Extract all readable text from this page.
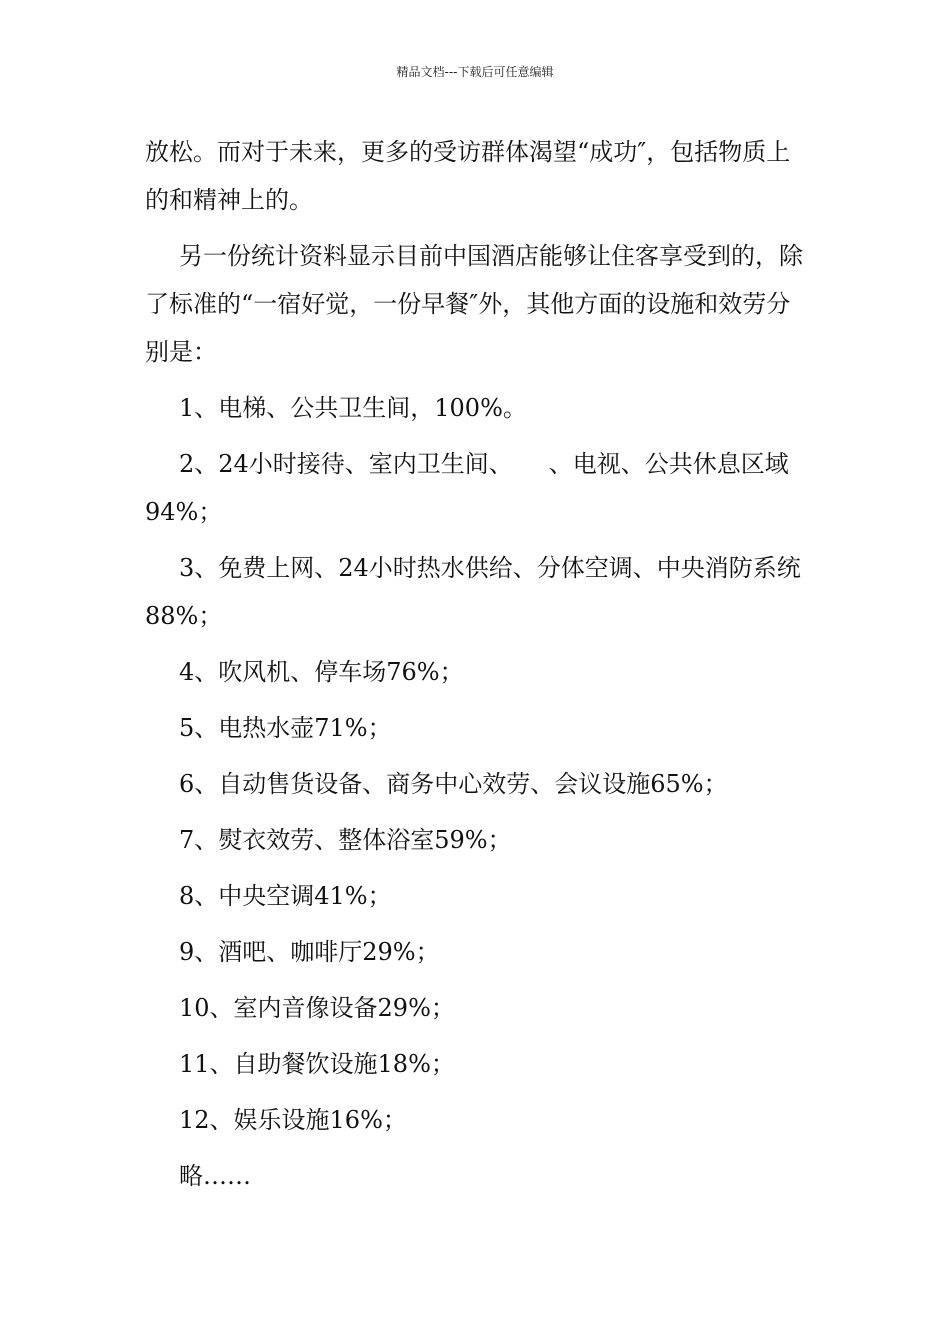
精品文档---下载后可任意编辑

放松。而对于未来，更多的受访群体渴望“成功″，包括物质上的和精神上的。

另一份统计资料显示目前中国酒店能够让住客享受到的，除了标准的“一宿好觉，一份早餐″外，其他方面的设施和效劳分别是：

1、电梯、公共卫生间，100%。

2、24小时接待、室内卫生间、　　、电视、公共休息区域94%；

3、免费上网、24小时热水供给、分体空调、中央消防系统88%；

4、吹风机、停车场76%；

5、电热水壶71%；

6、自动售货设备、商务中心效劳、会议设施65%；

7、熨衣效劳、整体浴室59%；

8、中央空调41%；

9、酒吧、咖啡厅29%；

10、室内音像设备29%；

11、自助餐饮设施18%；

12、娱乐设施16%；

略……
